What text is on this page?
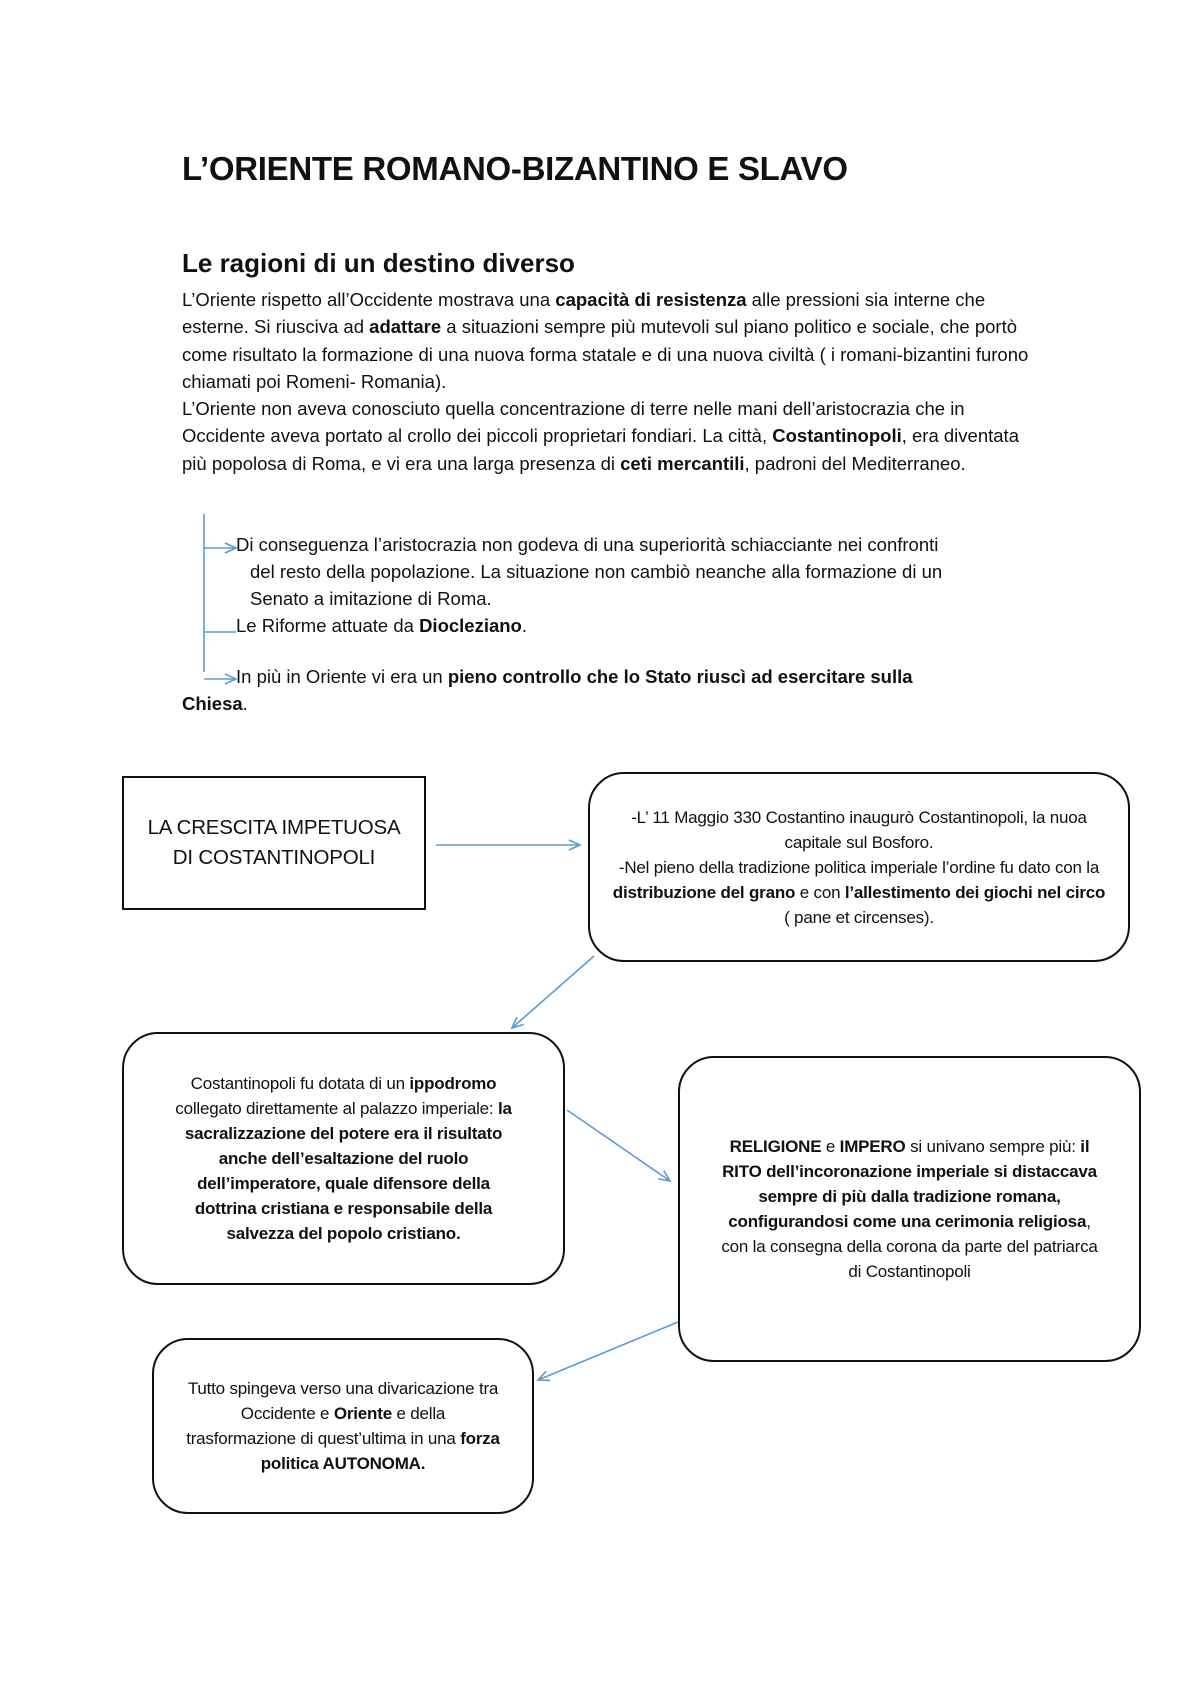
L’ORIENTE ROMANO-BIZANTINO E SLAVO
Le ragioni di un destino diverso

L’Oriente rispetto all’Occidente mostrava una capacità di resistenza alle pressioni sia interne che esterne. Si riusciva ad adattare a situazioni sempre più mutevoli sul piano politico e sociale, che portò come risultato la formazione di una nuova forma statale e di una nuova civiltà ( i romani-bizantini furono chiamati poi Romeni- Romania).

L’Oriente non aveva conosciuto quella concentrazione di terre nelle mani dell’aristocrazia che in Occidente aveva portato al crollo dei piccoli proprietari fondiari. La città, Costantinopoli, era diventata più popolosa di Roma, e vi era una larga presenza di ceti mercantili, padroni del Mediterraneo.

Di conseguenza l’aristocrazia non godeva di una superiorità schiacciante nei confronti
del resto della popolazione. La situazione non cambiò neanche alla formazione di un
Senato a imitazione di Roma.
Le Riforme attuate da Diocleziano.
In più in Oriente vi era un pieno controllo che lo Stato riuscì ad esercitare sulla Chiesa.
LA CRESCITA IMPETUOSA
DI COSTANTINOPOLI
-L’ 11 Maggio 330 Costantino inaugurò Costantinopoli, la nuoa capitale sul Bosforo.
-Nel pieno della tradizione politica imperiale l’ordine fu dato con la distribuzione del grano e con l’allestimento dei giochi nel circo ( pane et circenses).
Costantinopoli fu dotata di un ippodromo collegato direttamente al palazzo imperiale: la sacralizzazione del potere era il risultato anche dell’esaltazione del ruolo dell’imperatore, quale difensore della dottrina cristiana e responsabile della salvezza del popolo cristiano.
RELIGIONE e IMPERO si univano sempre più: il RITO dell’incoronazione imperiale si distaccava sempre di più dalla tradizione romana, configurandosi come una cerimonia religiosa, con la consegna della corona da parte del patriarca di Costantinopoli
Tutto spingeva verso una divaricazione tra Occidente e Oriente e della trasformazione di quest’ultima in una forza politica AUTONOMA.
